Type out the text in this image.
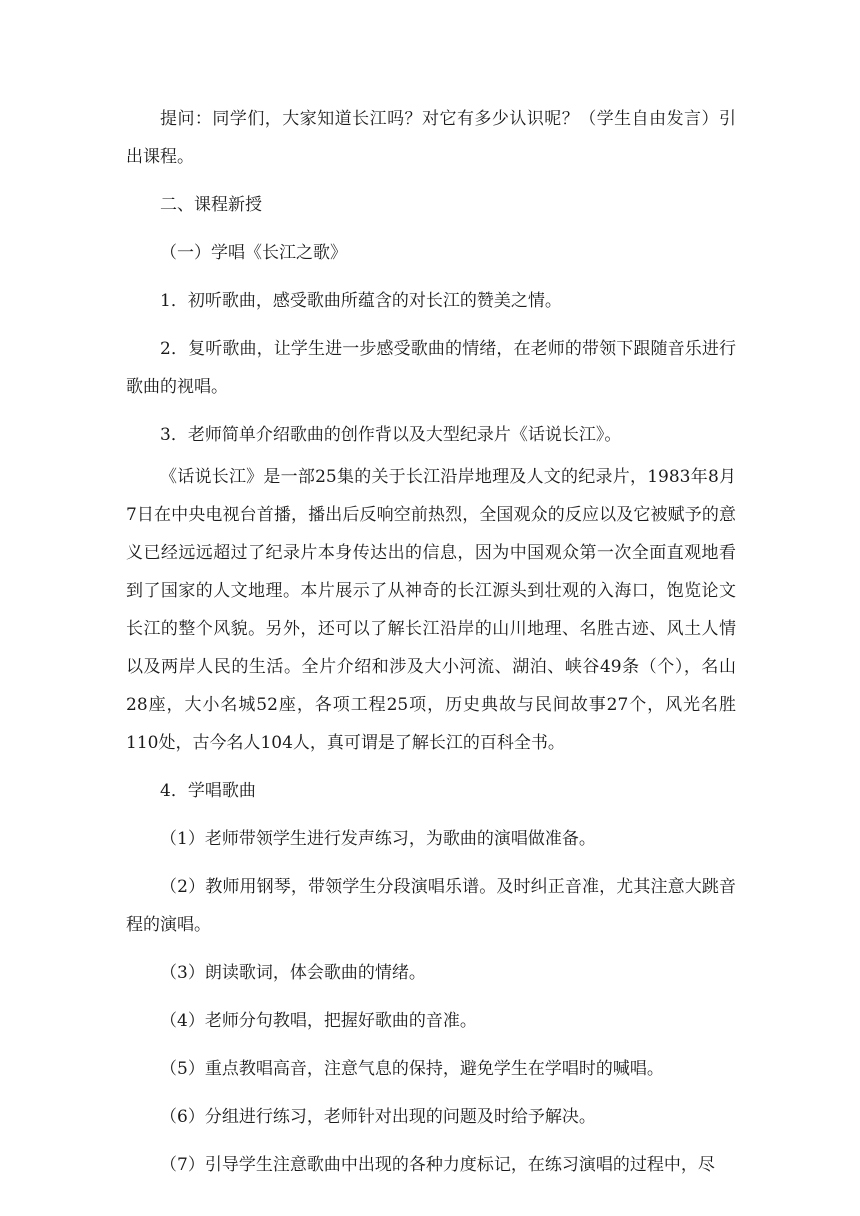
提问：同学们，大家知道长江吗？对它有多少认识呢？（学生自由发言）引出课程。

二、课程新授

（一）学唱《长江之歌》

1．初听歌曲，感受歌曲所蕴含的对长江的赞美之情。

2．复听歌曲，让学生进一步感受歌曲的情绪，在老师的带领下跟随音乐进行歌曲的视唱。

3．老师简单介绍歌曲的创作背以及大型纪录片《话说长江》。

《话说长江》是一部25集的关于长江沿岸地理及人文的纪录片，1983年8月7日在中央电视台首播，播出后反响空前热烈，全国观众的反应以及它被赋予的意义已经远远超过了纪录片本身传达出的信息，因为中国观众第一次全面直观地看到了国家的人文地理。本片展示了从神奇的长江源头到壮观的入海口，饱览论文长江的整个风貌。另外，还可以了解长江沿岸的山川地理、名胜古迹、风土人情以及两岸人民的生活。全片介绍和涉及大小河流、湖泊、峡谷49条（个），名山28座，大小名城52座，各项工程25项，历史典故与民间故事27个，风光名胜110处，古今名人104人，真可谓是了解长江的百科全书。

4．学唱歌曲

（1）老师带领学生进行发声练习，为歌曲的演唱做准备。

（2）教师用钢琴，带领学生分段演唱乐谱。及时纠正音准，尤其注意大跳音程的演唱。

（3）朗读歌词，体会歌曲的情绪。

（4）老师分句教唱，把握好歌曲的音准。

（5）重点教唱高音，注意气息的保持，避免学生在学唱时的喊唱。

（6）分组进行练习，老师针对出现的问题及时给予解决。

（7）引导学生注意歌曲中出现的各种力度标记，在练习演唱的过程中，尽
